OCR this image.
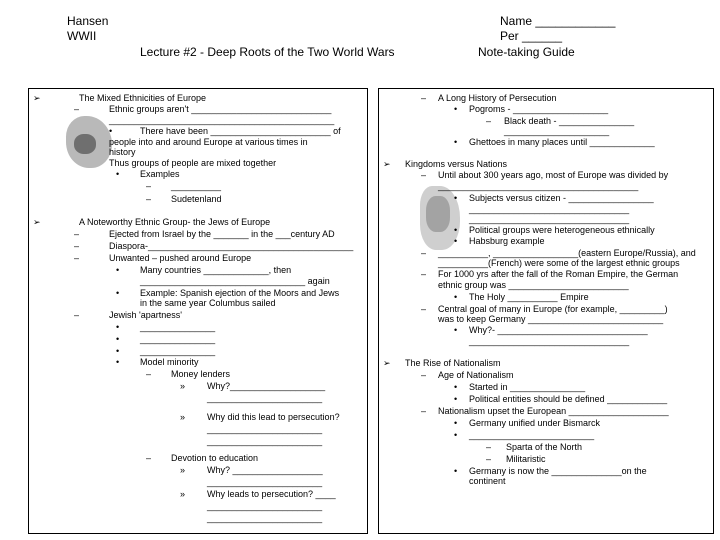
Hansen
WWII
Lecture #2 - Deep Roots of the Two World Wars
Name ____________
Per ______
Note-taking Guide
➢	The Mixed Ethnicities of Europe
–	Ethnic groups aren't ____________________________
_____________________________________________
•	There have been ________________________ of
people into and around Europe at various times in
history
Thus groups of people are mixed together
• Examples
– __________
– Sudetenland
➢	A Noteworthy Ethnic Group- the Jews of Europe
–	Ejected from Israel by the _______ in the ___century AD
–	Diaspora-_________________________________________
–	Unwanted – pushed around Europe
• Many countries _____________, then
_________________________________ again
• Example: Spanish ejection of the Moors and Jews
in the same year Columbus sailed
–	Jewish 'apartness'
• _______________
• _______________
• _______________
• Model minority
– Money lenders
» Why?___________________
_______________________
» Why did this lead to persecution?
_______________________
_______________________
– Devotion to education
» Why? __________________
_______________________
» Why leads to persecution? ____
_______________________
_______________________
– A Long History of Persecution
• Pogroms - ___________________
– Black death - _______________
_____________________
• Ghettoes in many places until _____________
➢ Kingdoms versus Nations
– Until about 300 years ago, most of Europe was divided by
________________________________________
• Subjects versus citizen - _________________
________________________________
________________________________
• Political groups were heterogeneous ethnically
• Habsburg example
– __________, _________________(eastern Europe/Russia), and
__________(French) were some of the largest ethnic groups
– For 1000 yrs after the fall of the Roman Empire, the German
ethnic group was ________________________
• The Holy __________ Empire
– Central goal of many in Europe (for example, _________)
was to keep Germany ___________________________
• Why?- ______________________________
________________________________
➢ The Rise of Nationalism
– Age of Nationalism
• Started in _______________
• Political entities should be defined ____________
– Nationalism upset the European ____________________
• Germany unified under Bismarck
• _________________________
– Sparta of the North
– Militaristic
• Germany is now the ______________on the
continent
